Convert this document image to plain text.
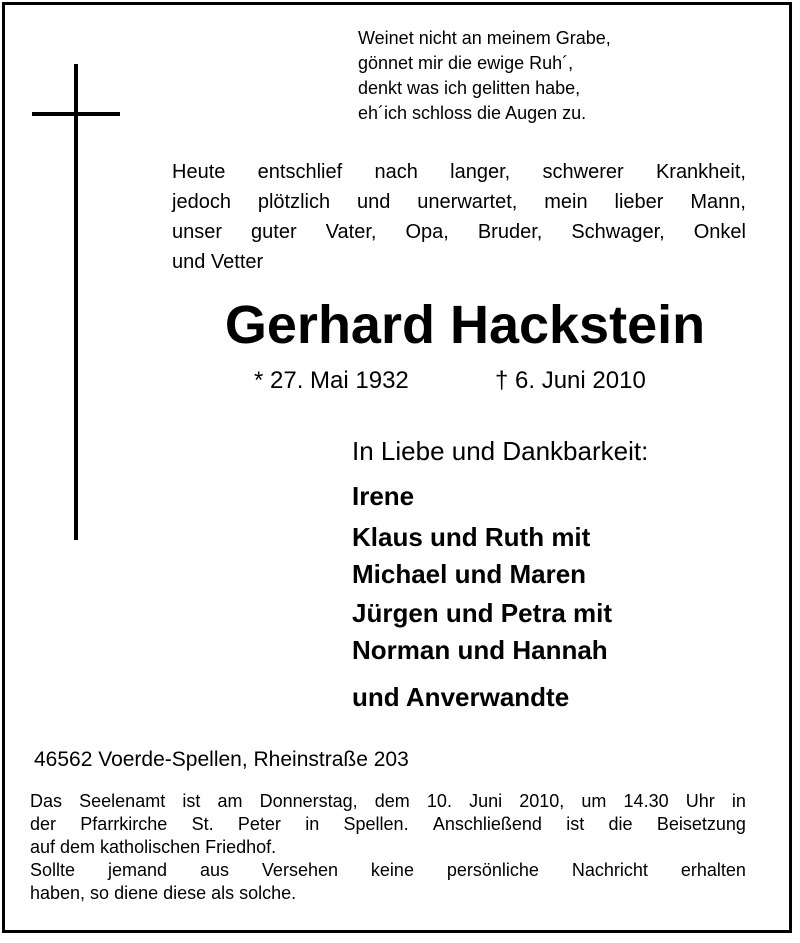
Weinet nicht an meinem Grabe,
gönnet mir die ewige Ruh´,
denkt was ich gelitten habe,
eh´ich schloss die Augen zu.
Heute entschlief nach langer, schwerer Krankheit,
jedoch plötzlich und unerwartet, mein lieber Mann,
unser guter Vater, Opa, Bruder, Schwager, Onkel
und Vetter
Gerhard Hackstein
* 27. Mai 1932	† 6. Juni 2010
In Liebe und Dankbarkeit:
Irene
Klaus und Ruth mit
Michael und Maren
Jürgen und Petra mit
Norman und Hannah
und Anverwandte
46562 Voerde-Spellen, Rheinstraße 203
Das Seelenamt ist am Donnerstag, dem 10. Juni 2010, um 14.30 Uhr in
der Pfarrkirche St. Peter in Spellen. Anschließend ist die Beisetzung
auf dem katholischen Friedhof.
Sollte jemand aus Versehen keine persönliche Nachricht erhalten
haben, so diene diese als solche.
